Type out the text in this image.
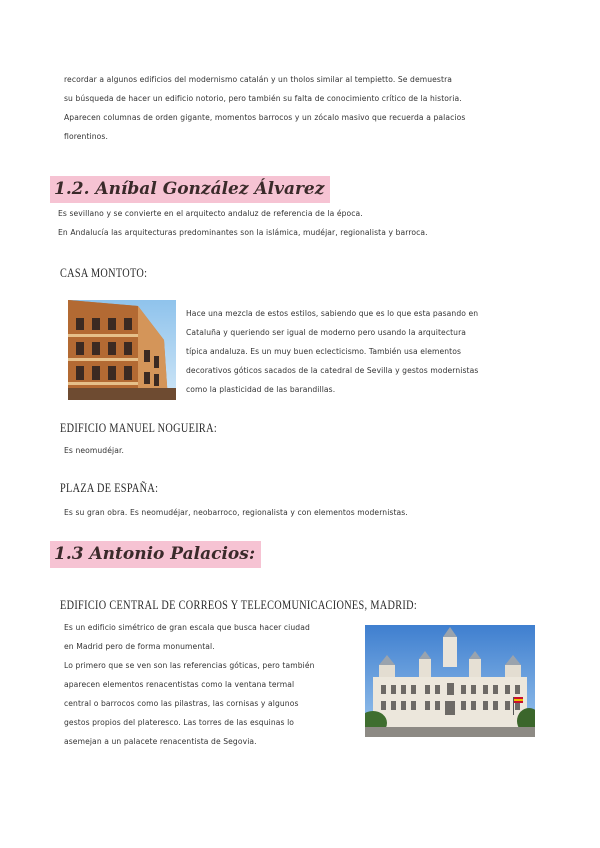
recordar a algunos edificios del modernismo catalán y un tholos similar al tempietto. Se demuestra

su búsqueda de hacer un edificio notorio, pero también su falta de conocimiento crítico de la historia.

Aparecen columnas de orden gigante, momentos barrocos y un zócalo masivo que recuerda a palacios

florentinos.

1.2. Aníbal González Álvarez

Es sevillano y se convierte en el arquitecto andaluz de referencia de la época.

En Andalucía las arquitecturas predominantes son la islámica, mudéjar, regionalista y barroca.

CASA MONTOTO:

Hace una mezcla de estos estilos, sabiendo que es lo que esta pasando en

Cataluña y queriendo ser igual de moderno pero usando la arquitectura

típica andaluza. Es un muy buen eclecticismo. También usa elementos

decorativos góticos sacados de la catedral de Sevilla y gestos modernistas

como la plasticidad de las barandillas.

EDIFICIO MANUEL NOGUEIRA:
Es neomudéjar.
PLAZA DE ESPAÑA:
Es su gran obra. Es neomudéjar, neobarroco, regionalista y con elementos modernistas.
1.3 Antonio Palacios:
EDIFICIO CENTRAL DE CORREOS Y TELECOMUNICACIONES, MADRID:

Es un edificio simétrico de gran escala que busca hacer ciudad

en Madrid pero de forma monumental.

Lo primero que se ven son las referencias góticas, pero también

aparecen elementos renacentistas como la ventana termal

central o barrocos como las pilastras, las cornisas y algunos

gestos propios del plateresco. Las torres de las esquinas lo

asemejan a un palacete renacentista de Segovia.
